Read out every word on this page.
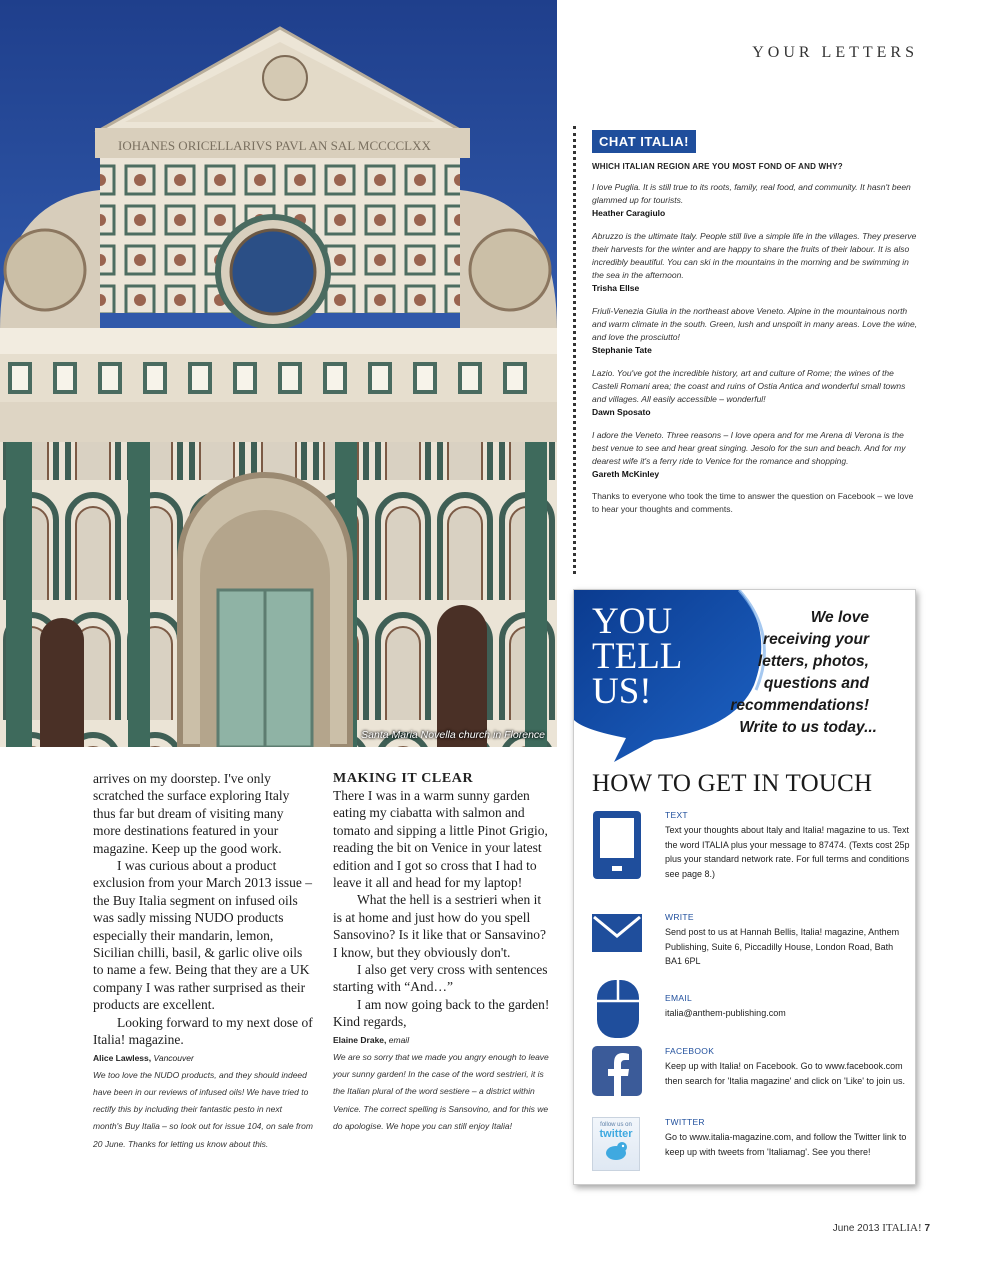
IOHANES ORICELLARIVS PAVL AN SAL MCCCCLXX
Santa Maria Novella church in Florence
YOUR LETTERS
CHAT ITALIA!
WHICH ITALIAN REGION ARE YOU MOST FOND OF AND WHY?

I love Puglia. It is still true to its roots, family, real food, and community. It hasn't been glammed up for tourists.

Heather Caragiulo

Abruzzo is the ultimate Italy. People still live a simple life in the villages. They preserve their harvests for the winter and are happy to share the fruits of their labour. It is also incredibly beautiful. You can ski in the mountains in the morning and be swimming in the sea in the afternoon.

Trisha Ellse

Friuli-Venezia Giulia in the northeast above Veneto. Alpine in the mountainous north and warm climate in the south. Green, lush and unspoilt in many areas. Love the wine, and love the prosciutto!

Stephanie Tate

Lazio. You've got the incredible history, art and culture of Rome; the wines of the Casteli Romani area; the coast and ruins of Ostia Antica and wonderful small towns and villages. All easily accessible – wonderful!

Dawn Sposato

I adore the Veneto. Three reasons – I love opera and for me Arena di Verona is the best venue to see and hear great singing. Jesolo for the sun and beach. And for my dearest wife it's a ferry ride to Venice for the romance and shopping.

Gareth McKinley

Thanks to everyone who took the time to answer the question on Facebook – we love to hear your thoughts and comments.

YOU
TELL
US!
We love
receiving your
letters, photos,
questions and
recommendations!
Write to us today...
HOW TO GET IN TOUCH
TEXT
Text your thoughts about Italy and Italia! magazine to us. Text the word ITALIA plus your message to 87474. (Texts cost 25p plus your standard network rate. For full terms and conditions see page 8.)
WRITE
Send post to us at Hannah Bellis, Italia! magazine, Anthem Publishing, Suite 6, Piccadilly House, London Road, Bath BA1 6PL
EMAIL
italia@anthem-publishing.com
FACEBOOK
Keep up with Italia! on Facebook. Go to www.facebook.com then search for 'Italia magazine' and click on 'Like' to join us.
follow us on
twitter
TWITTER
Go to www.italia-magazine.com, and follow the Twitter link to keep up with tweets from 'Italiamag'. See you there!

arrives on my doorstep. I've only scratched the surface exploring Italy thus far but dream of visiting many more destinations featured in your magazine. Keep up the good work.

I was curious about a product exclusion from your March 2013 issue – the Buy Italia segment on infused oils was sadly missing NUDO products especially their mandarin, lemon, Sicilian chilli, basil, & garlic olive oils to name a few. Being that they are a UK company I was rather surprised as their products are excellent.

Looking forward to my next dose of Italia! magazine.

Alice Lawless, Vancouver

We too love the NUDO products, and they should indeed have been in our reviews of infused oils! We have tried to rectify this by including their fantastic pesto in next month's Buy Italia – so look out for issue 104, on sale from 20 June. Thanks for letting us know about this.

MAKING IT CLEAR

There I was in a warm sunny garden eating my ciabatta with salmon and tomato and sipping a little Pinot Grigio, reading the bit on Venice in your latest edition and I got so cross that I had to leave it all and head for my laptop!

What the hell is a sestrieri when it is at home and just how do you spell Sansovino? Is it like that or Sansavino? I know, but they obviously don't.

I also get very cross with sentences starting with “And…”

I am now going back to the garden! Kind regards,

Elaine Drake, email

We are so sorry that we made you angry enough to leave your sunny garden! In the case of the word sestrieri, it is the Italian plural of the word sestiere – a district within Venice. The correct spelling is Sansovino, and for this we do apologise. We hope you can still enjoy Italia!

June 2013 ITALIA! 7
